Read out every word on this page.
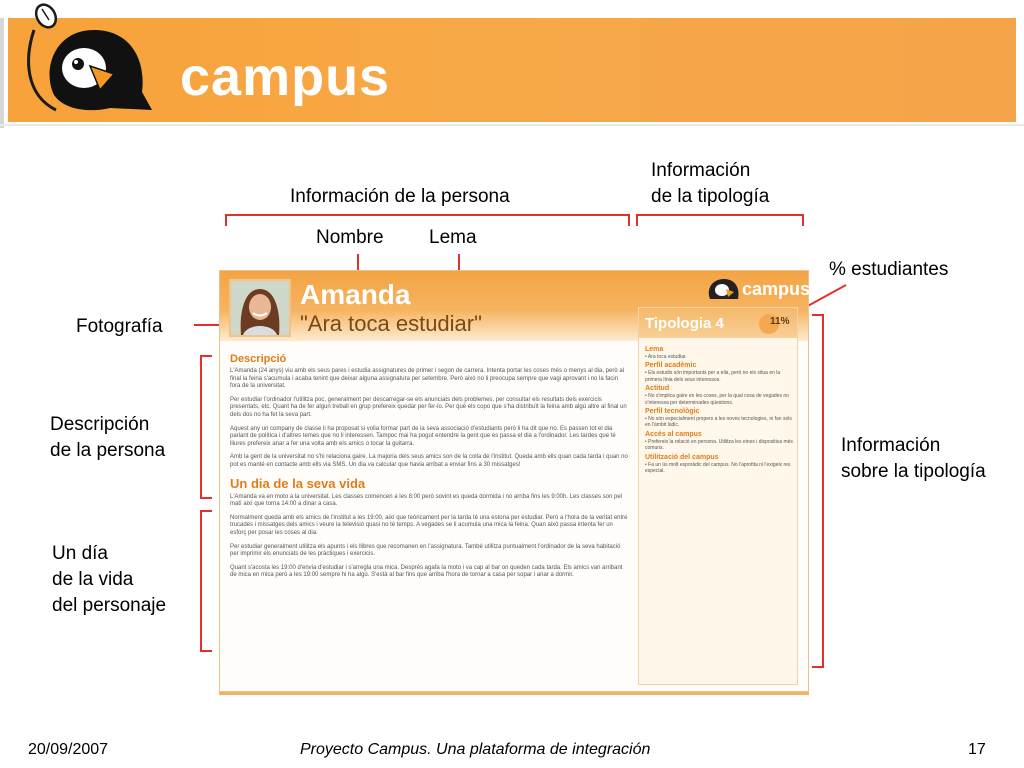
campus
Información de la persona
Información
de la tipología
Nombre Lema
% estudiantes
Fotografía
Descripción
de la persona	Información
sobre la tipología
Un día
de la vida
del personaje
Amanda
"Ara toca estudiar"
campus
Descripció
L'Amanda (24 anys) viu amb els seus pares i estudia assignatures de primer i segon de carrera. Intenta portar les coses més o menys al dia, però al final la feina s'acumula i acaba tenint que deixar alguna assignatura per setembre. Però això no li preocupa sempre que vagi aprovant i no la facin fora de la universitat.
Per estudiar l'ordinador l'utilitza poc, generalment per descarregar-se els anunciats dels problemes, per consultar els resultats dels exercicis presentats, etc. Quant ha de fer algun treball en grup prefereix quedar per fer-lo. Per què els copo que s'ha distribuït la feina amb algú altre al final un dels dos no ha fet la seva part.
Aquest any un company de classe li ha proposat si volia formar part de la seva associació d'estudiants però li ha dit que no. Es passen tot el dia parlant de política i d'altres temes que no li interessen. Tampoc mai ha pogut entendre la gent que es passa el dia a l'ordinador. Les tardes que té lliures prefereix anar a fer una volta amb els amics o tocar la guitarra.
Amb la gent de la universitat no s'hi relaciona gaire. La majoria dels seus amics son de la colla de l'institut. Queda amb ells quan cada tarda i quan no pot es manté en contacte amb ells via SMS. Un dia va calcular que havia arribat a enviar fins a 30 missatges!
Un dia de la seva vida
L'Amanda va en moto a la universitat. Les classes comencen a les 8:00 però sovint es queda dormida i no arriba fins les 9:00h. Les classes son pel matí així que torna 14:00 a dinar a casa.
Normalment queda amb els amics de l'institut a les 19:00, així que teòricament per la tarda té una estona per estudiar. Però a l'hora de la veritat entre trucades i missatges dels amics i veure la televisió quasi no té temps. A vegades se li acumula una mica la feina. Quan això passa intenta fer un esforç per posar les coses al dia.
Per estudiar generalment utilitza els apunts i els llibres que recomanen en l'assignatura. També utilitza puntualment l'ordinador de la seva habitació per imprimir els enunciats de les pràctiques i exercicis.
Quant s'acosta les 19:00 d'envia d'estudiar i s'arregla una mica. Després agafa la moto i va cap al bar on queden cada tarda. Els amics van arribant de mica en mica però a les 19:00 sempre hi ha algú. S'està al bar fins que arriba l'hora de tornar a casa per sopar i anar a dormir.
Tipologia 4	11%
Lema
• Ara toca estudiar.
Perfil acadèmic
• Els estudis són importants per a ella, però no els situa en la primera línia dels seus interessos.
Actitud
• No s'implica gaire en les coses, per la qual cosa de vegades no s'interessa per determinades qüestions.
Perfil tecnològic
• No són especialment propers a les noves tecnologies, ni fan sols en l'àmbit lúdic.
Accés al campus
• Prefereix la relació en persona. Utilitza les eines i dispositius més comuns.
Utilització del campus
• Fa un ús molt esporàdic del campus. No l'aprofita ni l'exigeix res especial.
20/09/2007	Proyecto Campus. Una plataforma de integración	17
